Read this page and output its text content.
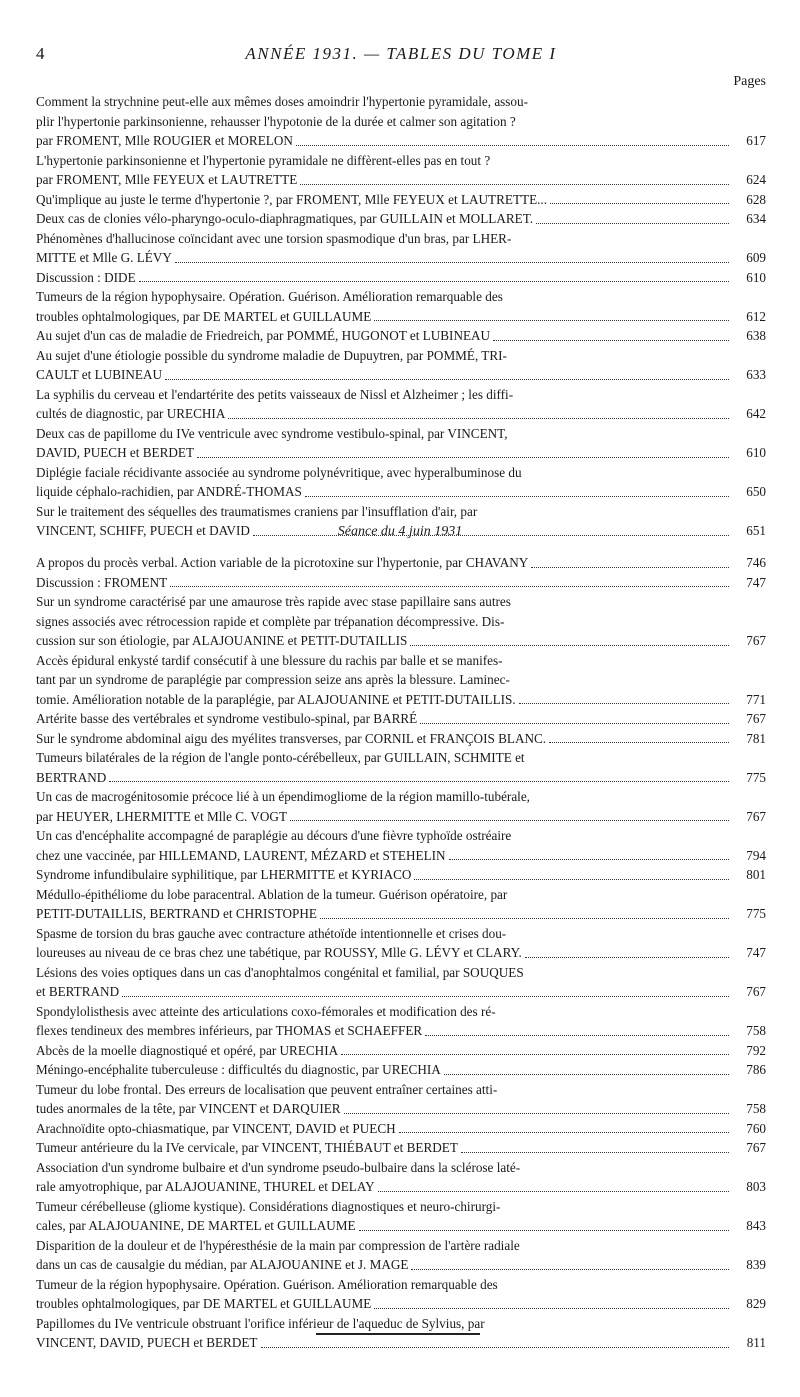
4	ANNÉE 1931. — TABLES DU TOME I
Pages
Comment la strychnine peut-elle aux mêmes doses amoindrir l'hypertonie pyramidale, assou-
plir l'hypertonie parkinsonienne, rehausser l'hypotonie de la durée et calmer son agitation ?
par FROMENT, Mlle ROUGIER et MORELON	617
L'hypertonie parkinsonienne et l'hypertonie pyramidale ne diffèrent-elles pas en tout ?
par FROMENT, Mlle FEYEUX et LAUTRETTE	624
Qu'implique au juste le terme d'hypertonie ?, par FROMENT, Mlle FEYEUX et LAUTRETTE...	628
Deux cas de clonies vélo-pharyngo-oculo-diaphragmatiques, par GUILLAIN et MOLLARET.	634
Phénomènes d'hallucinose coïncidant avec une torsion spasmodique d'un bras, par LHER-
MITTE et Mlle G. LÉVY	609
Discussion : DIDE	610
Tumeurs de la région hypophysaire. Opération. Guérison. Amélioration remarquable des
troubles ophtalmologiques, par DE MARTEL et GUILLAUME	612
Au sujet d'un cas de maladie de Friedreich, par POMMÉ, HUGONOT et LUBINEAU	638
Au sujet d'une étiologie possible du syndrome maladie de Dupuytren, par POMMÉ, TRI-
CAULT et LUBINEAU	633
La syphilis du cerveau et l'endartérite des petits vaisseaux de Nissl et Alzheimer ; les diffi-
cultés de diagnostic, par URECHIA	642
Deux cas de papillome du IVe ventricule avec syndrome vestibulo-spinal, par VINCENT,
DAVID, PUECH et BERDET	610
Diplégie faciale récidivante associée au syndrome polynévritique, avec hyperalbuminose du
liquide céphalo-rachidien, par ANDRÉ-THOMAS	650
Sur le traitement des séquelles des traumatismes craniens par l'insufflation d'air, par
VINCENT, SCHIFF, PUECH et DAVID	651
Séance du 4 juin 1931
A propos du procès verbal. Action variable de la picrotoxine sur l'hypertonie, par CHAVANY	746
Discussion : FROMENT	747
Sur un syndrome caractérisé par une amaurose très rapide avec stase papillaire sans autres
signes associés avec rétrocession rapide et complète par trépanation décompressive. Dis-
cussion sur son étiologie, par ALAJOUANINE et PETIT-DUTAILLIS	767
Accès épidural enkysté tardif consécutif à une blessure du rachis par balle et se manifes-
tant par un syndrome de paraplégie par compression seize ans après la blessure. Laminec-
tomie. Amélioration notable de la paraplégie, par ALAJOUANINE et PETIT-DUTAILLIS.	771
Artérite basse des vertébrales et syndrome vestibulo-spinal, par BARRÉ	767
Sur le syndrome abdominal aigu des myélites transverses, par CORNIL et FRANÇOIS BLANC.	781
Tumeurs bilatérales de la région de l'angle ponto-cérébelleux, par GUILLAIN, SCHMITE et
BERTRAND	775
Un cas de macrogénitosomie précoce lié à un épendimogliome de la région mamillo-tubérale,
par HEUYER, LHERMITTE et Mlle C. VOGT	767
Un cas d'encéphalite accompagné de paraplégie au décours d'une fièvre typhoïde ostréaire
chez une vaccinée, par HILLEMAND, LAURENT, MÉZARD et STEHELIN	794
Syndrome infundibulaire syphilitique, par LHERMITTE et KYRIACO	801
Médullo-épithéliome du lobe paracentral. Ablation de la tumeur. Guérison opératoire, par
PETIT-DUTAILLIS, BERTRAND et CHRISTOPHE	775
Spasme de torsion du bras gauche avec contracture athétoïde intentionnelle et crises dou-
loureuses au niveau de ce bras chez une tabétique, par ROUSSY, Mlle G. LÉVY et CLARY.	747
Lésions des voies optiques dans un cas d'anophtalmos congénital et familial, par SOUQUES
et BERTRAND	767
Spondylolisthesis avec atteinte des articulations coxo-fémorales et modification des ré-
flexes tendineux des membres inférieurs, par THOMAS et SCHAEFFER	758
Abcès de la moelle diagnostiqué et opéré, par URECHIA	792
Méningo-encéphalite tuberculeuse : difficultés du diagnostic, par URECHIA	786
Tumeur du lobe frontal. Des erreurs de localisation que peuvent entraîner certaines atti-
tudes anormales de la tête, par VINCENT et DARQUIER	758
Arachnoïdite opto-chiasmatique, par VINCENT, DAVID et PUECH	760
Tumeur antérieure du la IVe cervicale, par VINCENT, THIÉBAUT et BERDET	767
Association d'un syndrome bulbaire et d'un syndrome pseudo-bulbaire dans la sclérose laté-
rale amyotrophique, par ALAJOUANINE, THUREL et DELAY	803
Tumeur cérébelleuse (gliome kystique). Considérations diagnostiques et neuro-chirurgi-
cales, par ALAJOUANINE, DE MARTEL et GUILLAUME	843
Disparition de la douleur et de l'hypéresthésie de la main par compression de l'artère radiale
dans un cas de causalgie du médian, par ALAJOUANINE et J. MAGE	839
Tumeur de la région hypophysaire. Opération. Guérison. Amélioration remarquable des
troubles ophtalmologiques, par DE MARTEL et GUILLAUME	829
Papillomes du IVe ventricule obstruant l'orifice inférieur de l'aqueduc de Sylvius, par
VINCENT, DAVID, PUECH et BERDET	811
